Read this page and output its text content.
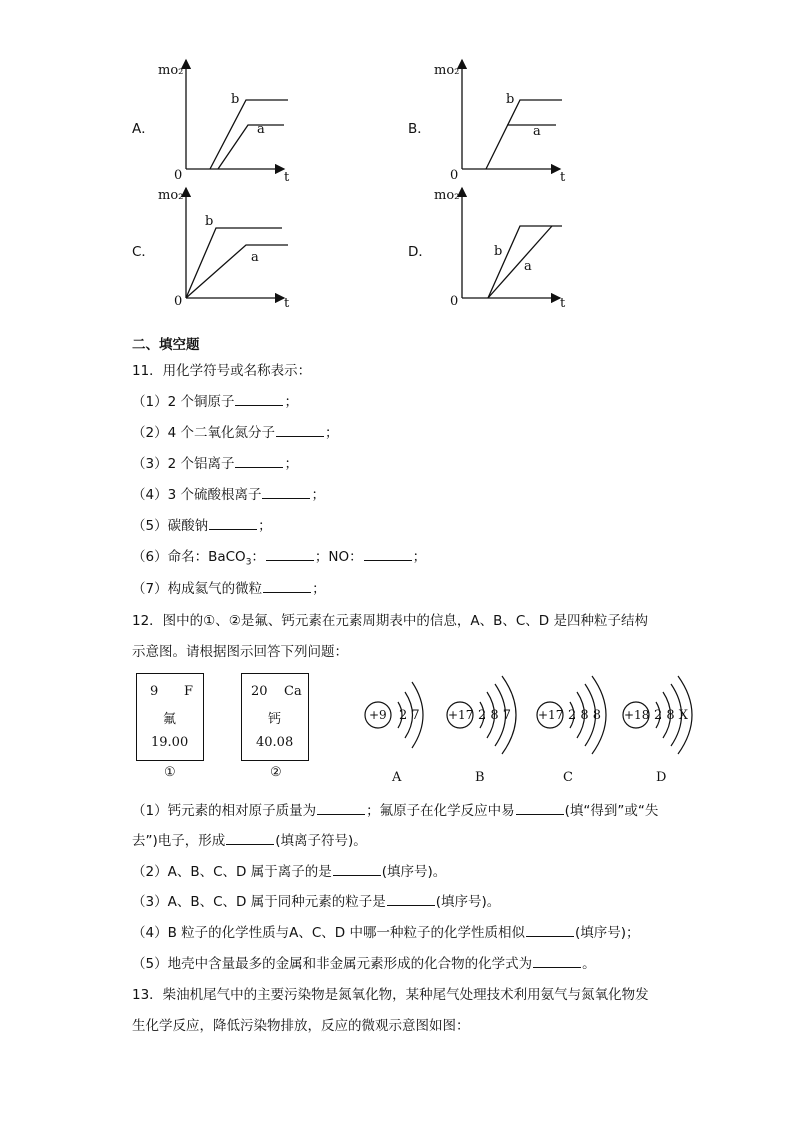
A．
mo₂
0	t
b
a	B．
mo₂
0	t
b
a
C．
mo₂
0	t
b
a	D．
mo₂
0	t
b
a
二、填空题
11．用化学符号或名称表示：
（1）2 个铜原子	；
（2）4 个二氧化氮分子	；
（3）2 个铝离子	；
（4）3 个硫酸根离子	；
（5）碳酸钠	；
（6）命名：BaCO$_3$：	；NO：	；
（7）构成氦气的微粒	；
12．图中的①、②是氟、钙元素在元素周期表中的信息，A、B、C、D 是四种粒子结构
示意图。请根据图示回答下列问题：
9 F
氟
19.00
①
20 Ca
钙
40.08
②
+9	+17	+17	+18
2 7	2 8 7	2 8 8	2 8 X
A	B	C	D
（1）钙元素的相对原子质量为	；氟原子在化学反应中易	(填“得到”或“失
去”)电子，形成	(填离子符号)。
（2）A、B、C、D 属于离子的是	(填序号)。
（3）A、B、C、D 属于同种元素的粒子是	(填序号)。
（4）B 粒子的化学性质与A、C、D 中哪一种粒子的化学性质相似	(填序号)；
（5）地壳中含量最多的金属和非金属元素形成的化合物的化学式为	。
13．柴油机尾气中的主要污染物是氮氧化物，某种尾气处理技术利用氨气与氮氧化物发
生化学反应，降低污染物排放，反应的微观示意图如图：
